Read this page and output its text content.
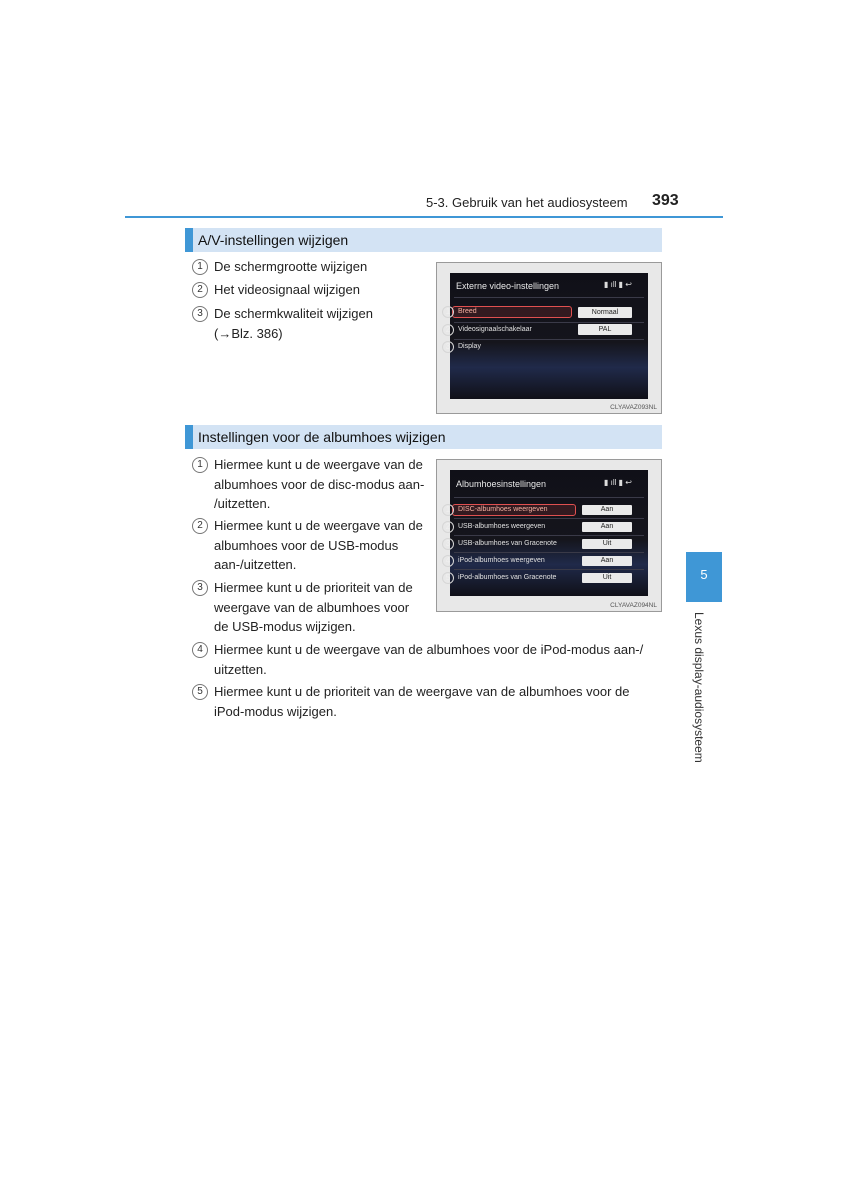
5-3. Gebruik van het audiosysteem 393
5
Lexus display-audiosysteem
A/V-instellingen wijzigen
1 De schermgrootte wijzigen
2 Het videosignaal wijzigen
3 De schermkwaliteit wijzigen
(→Blz. 386)
Externe video-instellingen	▮ ıll ▮ ↩
1	Breed	Normaal
2	Videosignaalschakelaar	PAL
3	Display
CLYAVAZ093NL
Instellingen voor de albumhoes wijzigen
1 Hiermee kunt u de weergave van de
albumhoes voor de disc-modus aan-
/uitzetten.
2 Hiermee kunt u de weergave van de
albumhoes voor de USB-modus
aan-/uitzetten.
3 Hiermee kunt u de prioriteit van de
weergave van de albumhoes voor
de USB-modus wijzigen.
4 Hiermee kunt u de weergave van de albumhoes voor de iPod-modus aan-/
uitzetten.
5 Hiermee kunt u de prioriteit van de weergave van de albumhoes voor de
iPod-modus wijzigen.
Albumhoesinstellingen	▮ ıll ▮ ↩
1	DISC-albumhoes weergeven	Aan
2	USB-albumhoes weergeven	Aan
3	USB-albumhoes van Gracenote	Uit
4	iPod-albumhoes weergeven	Aan
5	iPod-albumhoes van Gracenote	Uit
CLYAVAZ094NL
